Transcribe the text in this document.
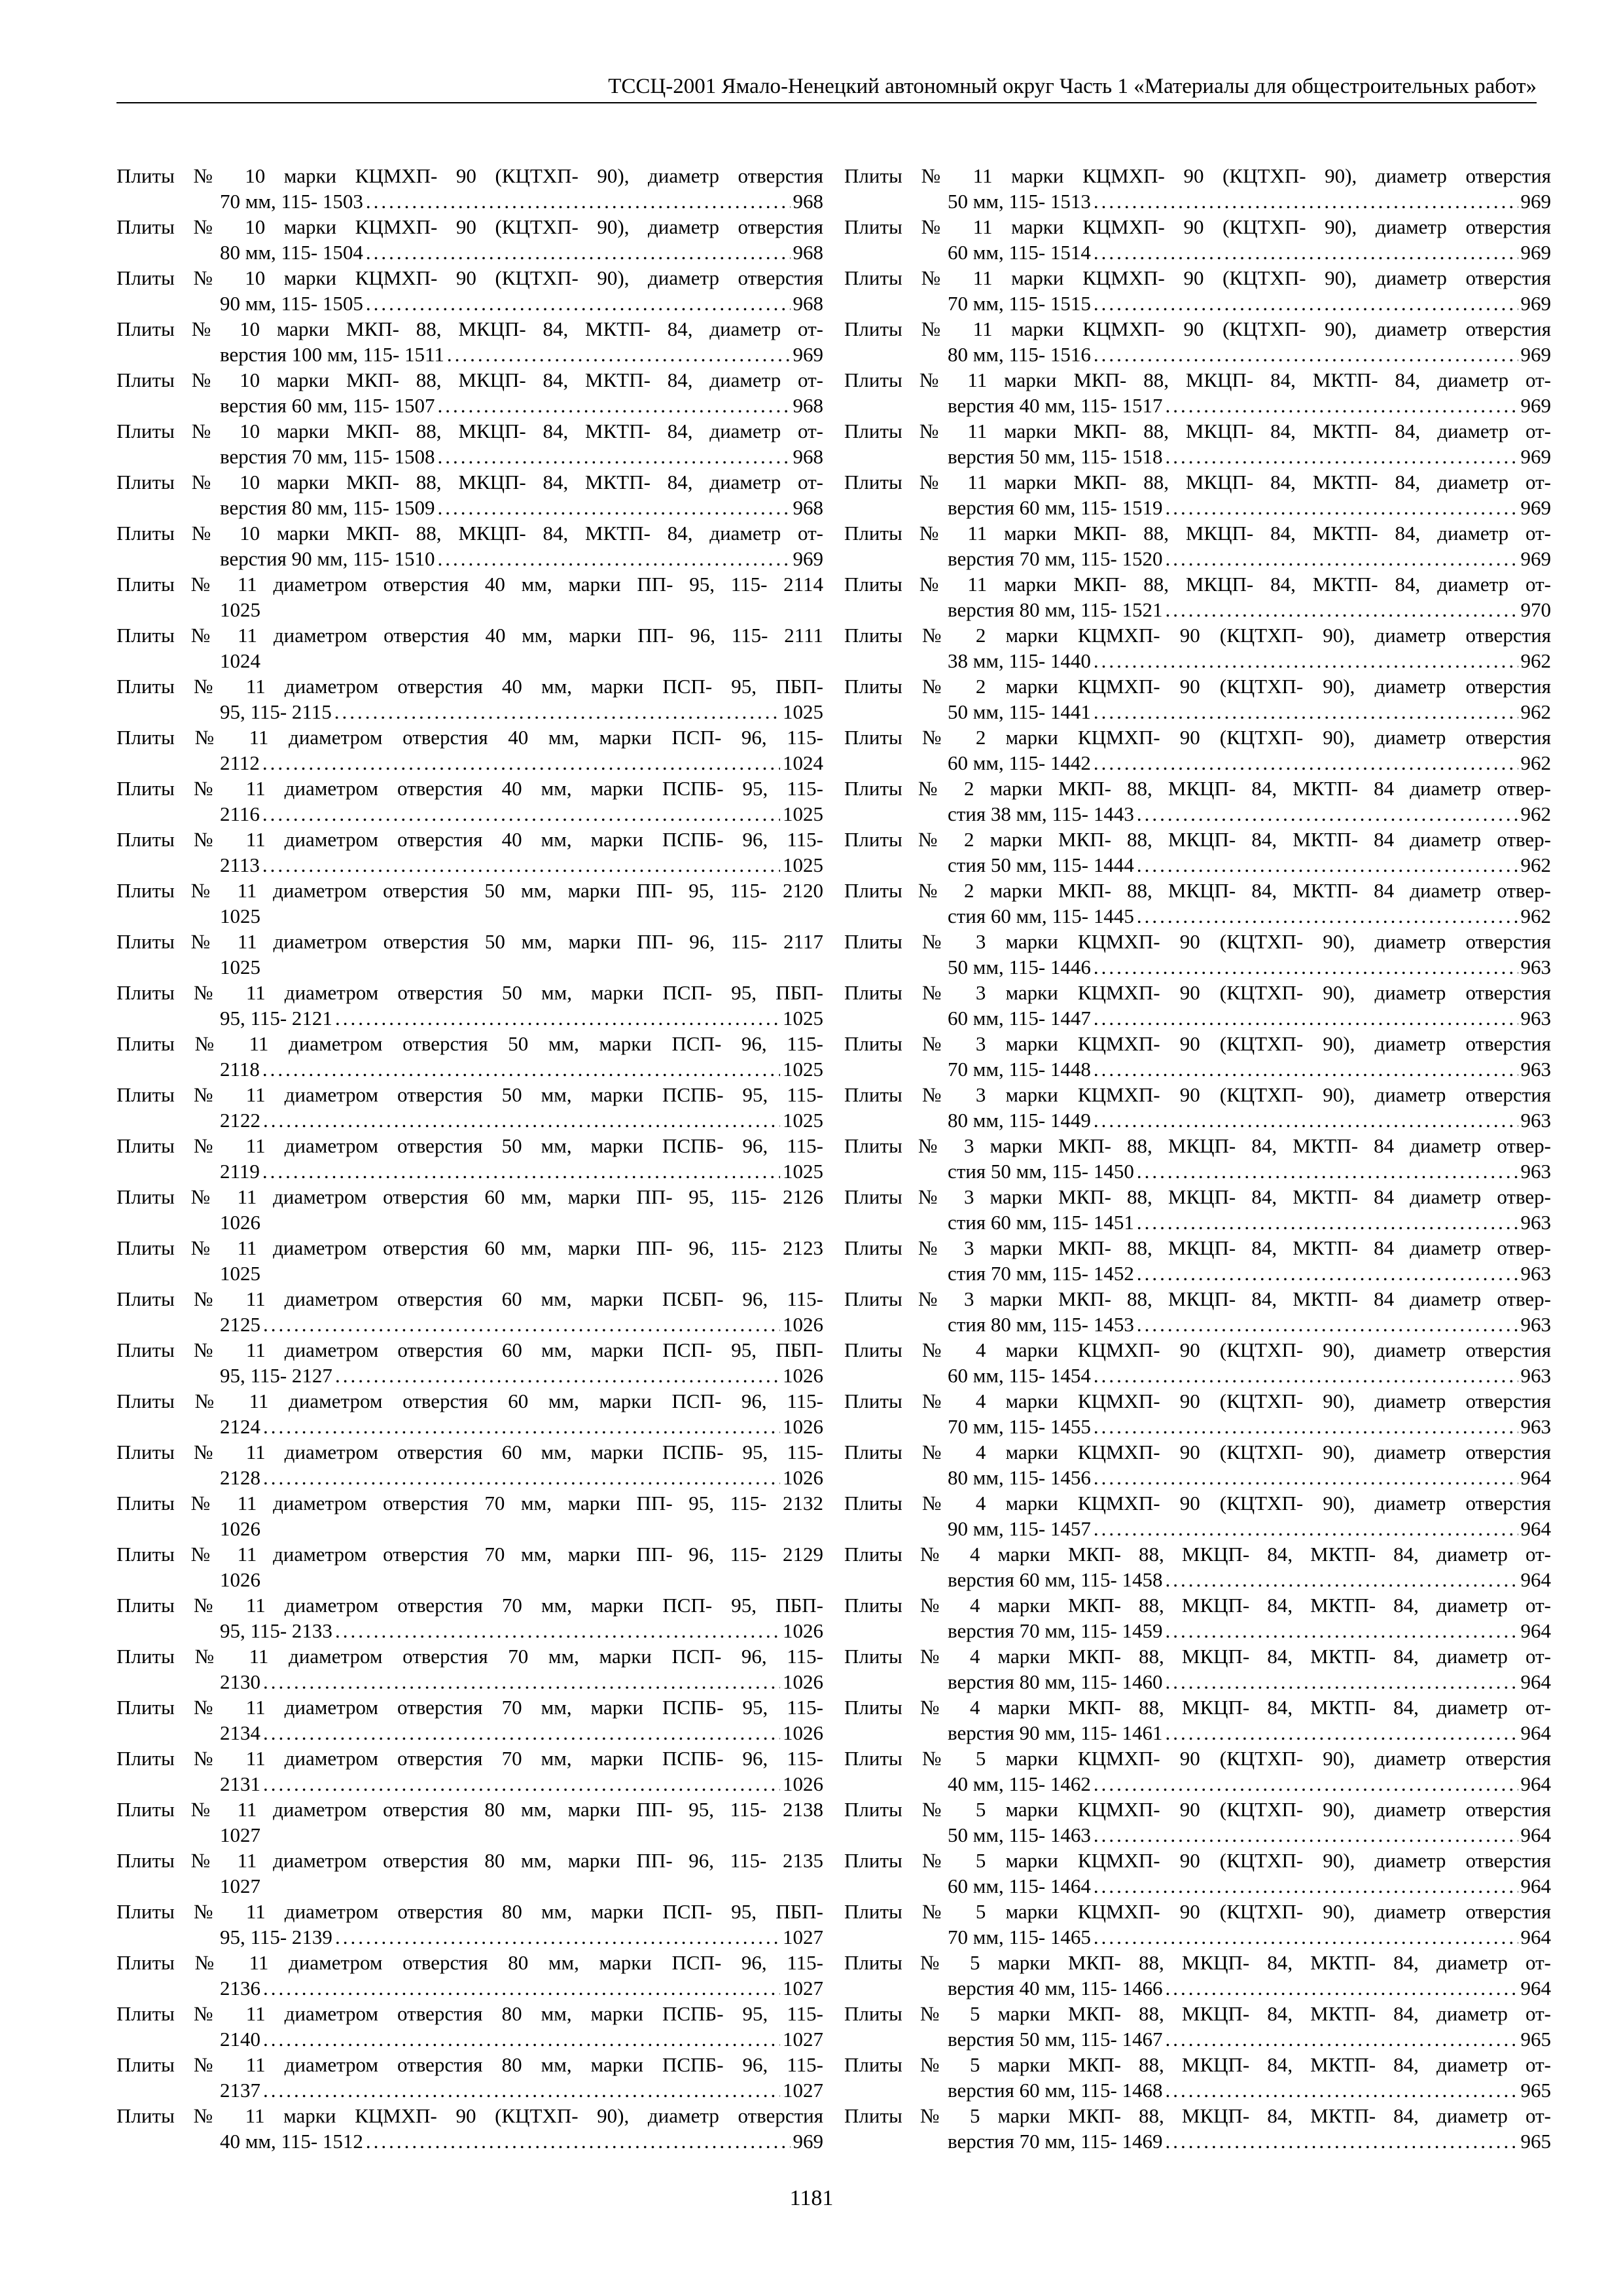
ТССЦ-2001 Ямало-Ненецкий автономный округ Часть 1 «Материалы для общестроительных работ»
Плиты № 10 марки КЦМХП- 90 (КЦТХП- 90), диаметр отверстия
70 мм, 115- 1503 .....	968
Плиты № 10 марки КЦМХП- 90 (КЦТХП- 90), диаметр отверстия
80 мм, 115- 1504 .....	968
Плиты № 10 марки КЦМХП- 90 (КЦТХП- 90), диаметр отверстия
90 мм, 115- 1505 .....	968
Плиты № 10 марки МКП- 88, МКЦП- 84, МКТП- 84, диаметр от-
верстия 100 мм, 115- 1511 .....	969
Плиты № 10 марки МКП- 88, МКЦП- 84, МКТП- 84, диаметр от-
верстия 60 мм, 115- 1507 .....	968
Плиты № 10 марки МКП- 88, МКЦП- 84, МКТП- 84, диаметр от-
верстия 70 мм, 115- 1508 .....	968
Плиты № 10 марки МКП- 88, МКЦП- 84, МКТП- 84, диаметр от-
верстия 80 мм, 115- 1509 .....	968
Плиты № 10 марки МКП- 88, МКЦП- 84, МКТП- 84, диаметр от-
верстия 90 мм, 115- 1510 .....	969
Плиты № 11 диаметром отверстия 40 мм, марки ПП- 95, 115- 2114
1025
Плиты № 11 диаметром отверстия 40 мм, марки ПП- 96, 115- 2111
1024
Плиты № 11 диаметром отверстия 40 мм, марки ПСП- 95, ПБП-
95, 115- 2115 .....	1025
Плиты № 11 диаметром отверстия 40 мм, марки ПСП- 96, 115-
2112 .....	1024
Плиты № 11 диаметром отверстия 40 мм, марки ПСПБ- 95, 115-
2116 .....	1025
Плиты № 11 диаметром отверстия 40 мм, марки ПСПБ- 96, 115-
2113 .....	1025
Плиты № 11 диаметром отверстия 50 мм, марки ПП- 95, 115- 2120
1025
Плиты № 11 диаметром отверстия 50 мм, марки ПП- 96, 115- 2117
1025
Плиты № 11 диаметром отверстия 50 мм, марки ПСП- 95, ПБП-
95, 115- 2121 .....	1025
Плиты № 11 диаметром отверстия 50 мм, марки ПСП- 96, 115-
2118 .....	1025
Плиты № 11 диаметром отверстия 50 мм, марки ПСПБ- 95, 115-
2122 .....	1025
Плиты № 11 диаметром отверстия 50 мм, марки ПСПБ- 96, 115-
2119 .....	1025
Плиты № 11 диаметром отверстия 60 мм, марки ПП- 95, 115- 2126
1026
Плиты № 11 диаметром отверстия 60 мм, марки ПП- 96, 115- 2123
1025
Плиты № 11 диаметром отверстия 60 мм, марки ПСБП- 96, 115-
2125 .....	1026
Плиты № 11 диаметром отверстия 60 мм, марки ПСП- 95, ПБП-
95, 115- 2127 .....	1026
Плиты № 11 диаметром отверстия 60 мм, марки ПСП- 96, 115-
2124 .....	1026
Плиты № 11 диаметром отверстия 60 мм, марки ПСПБ- 95, 115-
2128 .....	1026
Плиты № 11 диаметром отверстия 70 мм, марки ПП- 95, 115- 2132
1026
Плиты № 11 диаметром отверстия 70 мм, марки ПП- 96, 115- 2129
1026
Плиты № 11 диаметром отверстия 70 мм, марки ПСП- 95, ПБП-
95, 115- 2133 .....	1026
Плиты № 11 диаметром отверстия 70 мм, марки ПСП- 96, 115-
2130 .....	1026
Плиты № 11 диаметром отверстия 70 мм, марки ПСПБ- 95, 115-
2134 .....	1026
Плиты № 11 диаметром отверстия 70 мм, марки ПСПБ- 96, 115-
2131 .....	1026
Плиты № 11 диаметром отверстия 80 мм, марки ПП- 95, 115- 2138
1027
Плиты № 11 диаметром отверстия 80 мм, марки ПП- 96, 115- 2135
1027
Плиты № 11 диаметром отверстия 80 мм, марки ПСП- 95, ПБП-
95, 115- 2139 .....	1027
Плиты № 11 диаметром отверстия 80 мм, марки ПСП- 96, 115-
2136 .....	1027
Плиты № 11 диаметром отверстия 80 мм, марки ПСПБ- 95, 115-
2140 .....	1027
Плиты № 11 диаметром отверстия 80 мм, марки ПСПБ- 96, 115-
2137 .....	1027
Плиты № 11 марки КЦМХП- 90 (КЦТХП- 90), диаметр отверстия
40 мм, 115- 1512 .....	969
Плиты № 11 марки КЦМХП- 90 (КЦТХП- 90), диаметр отверстия
50 мм, 115- 1513 .....	969
Плиты № 11 марки КЦМХП- 90 (КЦТХП- 90), диаметр отверстия
60 мм, 115- 1514 .....	969
Плиты № 11 марки КЦМХП- 90 (КЦТХП- 90), диаметр отверстия
70 мм, 115- 1515 .....	969
Плиты № 11 марки КЦМХП- 90 (КЦТХП- 90), диаметр отверстия
80 мм, 115- 1516 .....	969
Плиты № 11 марки МКП- 88, МКЦП- 84, МКТП- 84, диаметр от-
верстия 40 мм, 115- 1517 .....	969
Плиты № 11 марки МКП- 88, МКЦП- 84, МКТП- 84, диаметр от-
верстия 50 мм, 115- 1518 .....	969
Плиты № 11 марки МКП- 88, МКЦП- 84, МКТП- 84, диаметр от-
верстия 60 мм, 115- 1519 .....	969
Плиты № 11 марки МКП- 88, МКЦП- 84, МКТП- 84, диаметр от-
верстия 70 мм, 115- 1520 .....	969
Плиты № 11 марки МКП- 88, МКЦП- 84, МКТП- 84, диаметр от-
верстия 80 мм, 115- 1521 .....	970
Плиты № 2 марки КЦМХП- 90 (КЦТХП- 90), диаметр отверстия
38 мм, 115- 1440 .....	962
Плиты № 2 марки КЦМХП- 90 (КЦТХП- 90), диаметр отверстия
50 мм, 115- 1441 .....	962
Плиты № 2 марки КЦМХП- 90 (КЦТХП- 90), диаметр отверстия
60 мм, 115- 1442 .....	962
Плиты № 2 марки МКП- 88, МКЦП- 84, МКТП- 84 диаметр отвер-
стия 38 мм, 115- 1443 .....	962
Плиты № 2 марки МКП- 88, МКЦП- 84, МКТП- 84 диаметр отвер-
стия 50 мм, 115- 1444 .....	962
Плиты № 2 марки МКП- 88, МКЦП- 84, МКТП- 84 диаметр отвер-
стия 60 мм, 115- 1445 .....	962
Плиты № 3 марки КЦМХП- 90 (КЦТХП- 90), диаметр отверстия
50 мм, 115- 1446 .....	963
Плиты № 3 марки КЦМХП- 90 (КЦТХП- 90), диаметр отверстия
60 мм, 115- 1447 .....	963
Плиты № 3 марки КЦМХП- 90 (КЦТХП- 90), диаметр отверстия
70 мм, 115- 1448 .....	963
Плиты № 3 марки КЦМХП- 90 (КЦТХП- 90), диаметр отверстия
80 мм, 115- 1449 .....	963
Плиты № 3 марки МКП- 88, МКЦП- 84, МКТП- 84 диаметр отвер-
стия 50 мм, 115- 1450 .....	963
Плиты № 3 марки МКП- 88, МКЦП- 84, МКТП- 84 диаметр отвер-
стия 60 мм, 115- 1451 .....	963
Плиты № 3 марки МКП- 88, МКЦП- 84, МКТП- 84 диаметр отвер-
стия 70 мм, 115- 1452 .....	963
Плиты № 3 марки МКП- 88, МКЦП- 84, МКТП- 84 диаметр отвер-
стия 80 мм, 115- 1453 .....	963
Плиты № 4 марки КЦМХП- 90 (КЦТХП- 90), диаметр отверстия
60 мм, 115- 1454 .....	963
Плиты № 4 марки КЦМХП- 90 (КЦТХП- 90), диаметр отверстия
70 мм, 115- 1455 .....	963
Плиты № 4 марки КЦМХП- 90 (КЦТХП- 90), диаметр отверстия
80 мм, 115- 1456 .....	964
Плиты № 4 марки КЦМХП- 90 (КЦТХП- 90), диаметр отверстия
90 мм, 115- 1457 .....	964
Плиты № 4 марки МКП- 88, МКЦП- 84, МКТП- 84, диаметр от-
верстия 60 мм, 115- 1458 .....	964
Плиты № 4 марки МКП- 88, МКЦП- 84, МКТП- 84, диаметр от-
верстия 70 мм, 115- 1459 .....	964
Плиты № 4 марки МКП- 88, МКЦП- 84, МКТП- 84, диаметр от-
верстия 80 мм, 115- 1460 .....	964
Плиты № 4 марки МКП- 88, МКЦП- 84, МКТП- 84, диаметр от-
верстия 90 мм, 115- 1461 .....	964
Плиты № 5 марки КЦМХП- 90 (КЦТХП- 90), диаметр отверстия
40 мм, 115- 1462 .....	964
Плиты № 5 марки КЦМХП- 90 (КЦТХП- 90), диаметр отверстия
50 мм, 115- 1463 .....	964
Плиты № 5 марки КЦМХП- 90 (КЦТХП- 90), диаметр отверстия
60 мм, 115- 1464 .....	964
Плиты № 5 марки КЦМХП- 90 (КЦТХП- 90), диаметр отверстия
70 мм, 115- 1465 .....	964
Плиты № 5 марки МКП- 88, МКЦП- 84, МКТП- 84, диаметр от-
верстия 40 мм, 115- 1466 .....	964
Плиты № 5 марки МКП- 88, МКЦП- 84, МКТП- 84, диаметр от-
верстия 50 мм, 115- 1467 .....	965
Плиты № 5 марки МКП- 88, МКЦП- 84, МКТП- 84, диаметр от-
верстия 60 мм, 115- 1468 .....	965
Плиты № 5 марки МКП- 88, МКЦП- 84, МКТП- 84, диаметр от-
верстия 70 мм, 115- 1469 .....	965
1181
